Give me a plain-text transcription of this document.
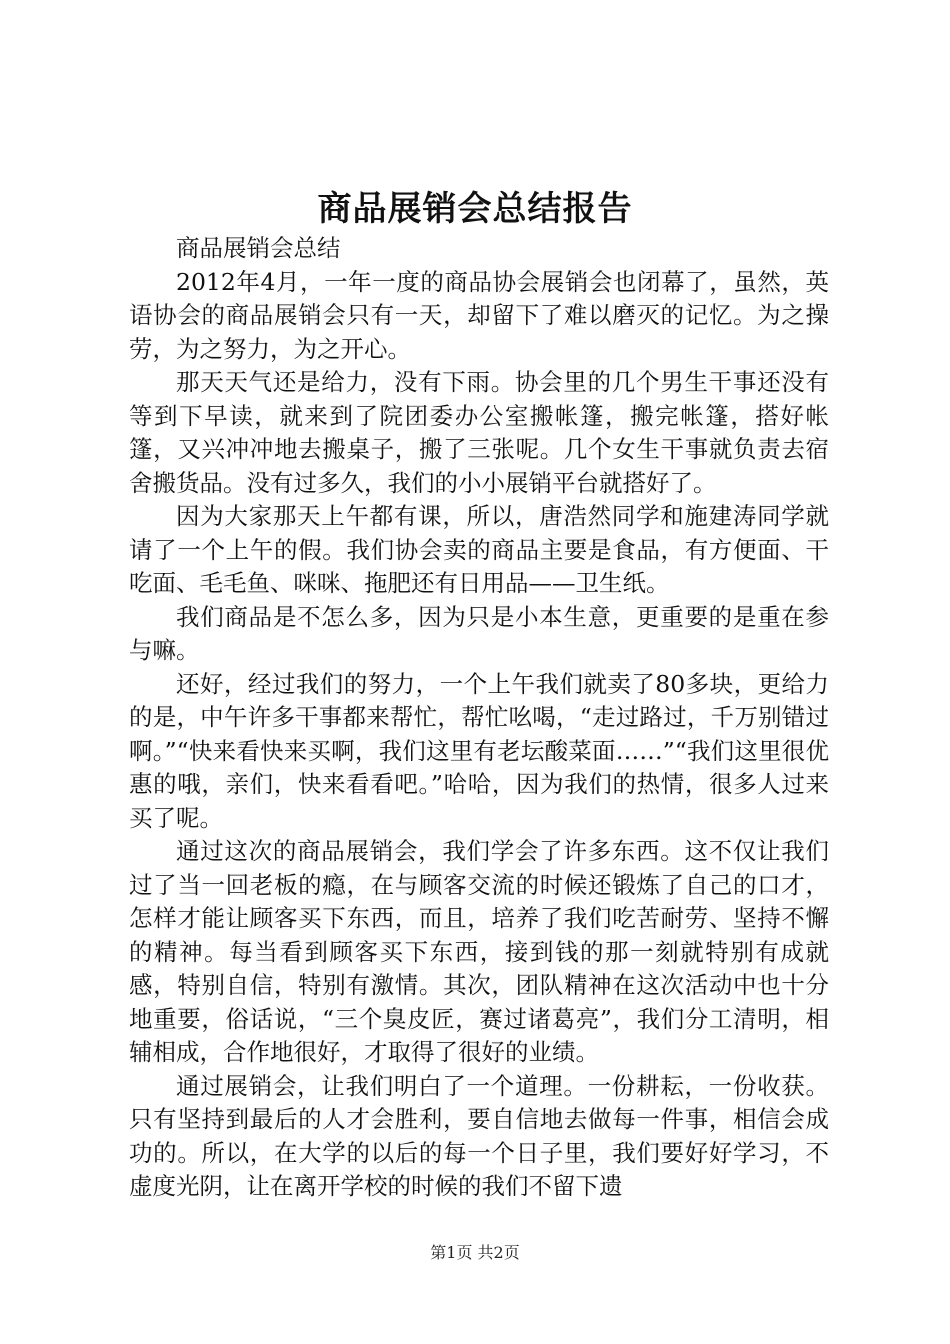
商品展销会总结报告

商品展销会总结

2012年4月，一年一度的商品协会展销会也闭幕了，虽然，英语协会的商品展销会只有一天，却留下了难以磨灭的记忆。为之操劳，为之努力，为之开心。

那天天气还是给力，没有下雨。协会里的几个男生干事还没有等到下早读，就来到了院团委办公室搬帐篷，搬完帐篷，搭好帐篷，又兴冲冲地去搬桌子，搬了三张呢。几个女生干事就负责去宿舍搬货品。没有过多久，我们的小小展销平台就搭好了。

因为大家那天上午都有课，所以，唐浩然同学和施建涛同学就请了一个上午的假。我们协会卖的商品主要是食品，有方便面、干吃面、毛毛鱼、咪咪、拖肥还有日用品——卫生纸。

我们商品是不怎么多，因为只是小本生意，更重要的是重在参与嘛。

还好，经过我们的努力，一个上午我们就卖了80多块，更给力的是，中午许多干事都来帮忙，帮忙吆喝，“走过路过，千万别错过啊。”“快来看快来买啊，我们这里有老坛酸菜面……”“我们这里很优惠的哦，亲们，快来看看吧。”哈哈，因为我们的热情，很多人过来买了呢。

通过这次的商品展销会，我们学会了许多东西。这不仅让我们过了当一回老板的瘾，在与顾客交流的时候还锻炼了自己的口才，怎样才能让顾客买下东西，而且，培养了我们吃苦耐劳、坚持不懈的精神。每当看到顾客买下东西，接到钱的那一刻就特别有成就感，特别自信，特别有激情。其次，团队精神在这次活动中也十分地重要，俗话说，“三个臭皮匠，赛过诸葛亮”，我们分工清明，相辅相成，合作地很好，才取得了很好的业绩。

通过展销会，让我们明白了一个道理。一份耕耘，一份收获。只有坚持到最后的人才会胜利，要自信地去做每一件事，相信会成功的。所以，在大学的以后的每一个日子里，我们要好好学习，不虚度光阴，让在离开学校的时候的我们不留下遗

第1页 共2页
